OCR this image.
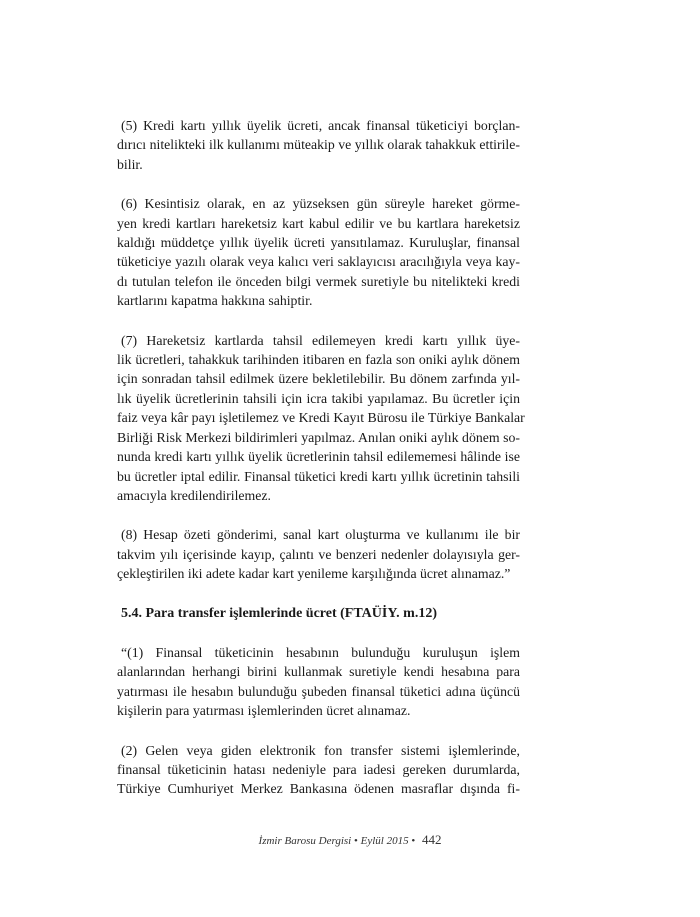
(5) Kredi kartı yıllık üyelik ücreti, ancak finansal tüketiciyi borçlan-
dırıcı nitelikteki ilk kullanımı müteakip ve yıllık olarak tahakkuk ettirile-
bilir.
(6) Kesintisiz olarak, en az yüzseksen gün süreyle hareket görme-
yen kredi kartları hareketsiz kart kabul edilir ve bu kartlara hareketsiz
kaldığı müddetçe yıllık üyelik ücreti yansıtılamaz. Kuruluşlar, finansal
tüketiciye yazılı olarak veya kalıcı veri saklayıcısı aracılığıyla veya kay-
dı tutulan telefon ile önceden bilgi vermek suretiyle bu nitelikteki kredi
kartlarını kapatma hakkına sahiptir.
(7) Hareketsiz kartlarda tahsil edilemeyen kredi kartı yıllık üye-
lik ücretleri, tahakkuk tarihinden itibaren en fazla son oniki aylık dönem
için sonradan tahsil edilmek üzere bekletilebilir. Bu dönem zarfında yıl-
lık üyelik ücretlerinin tahsili için icra takibi yapılamaz. Bu ücretler için
faiz veya kâr payı işletilemez ve Kredi Kayıt Bürosu ile Türkiye Bankalar
Birliği Risk Merkezi bildirimleri yapılmaz. Anılan oniki aylık dönem so-
nunda kredi kartı yıllık üyelik ücretlerinin tahsil edilememesi hâlinde ise
bu ücretler iptal edilir. Finansal tüketici kredi kartı yıllık ücretinin tahsili
amacıyla kredilendirilemez.
(8) Hesap özeti gönderimi, sanal kart oluşturma ve kullanımı ile bir
takvim yılı içerisinde kayıp, çalıntı ve benzeri nedenler dolayısıyla ger-
çekleştirilen iki adete kadar kart yenileme karşılığında ücret alınamaz.”
5.4. Para transfer işlemlerinde ücret (FTAÜİY. m.12)
“(1) Finansal tüketicinin hesabının bulunduğu kuruluşun işlem
alanlarından herhangi birini kullanmak suretiyle kendi hesabına para
yatırması ile hesabın bulunduğu şubeden finansal tüketici adına üçüncü
kişilerin para yatırması işlemlerinden ücret alınamaz.
(2) Gelen veya giden elektronik fon transfer sistemi işlemlerinde,
finansal tüketicinin hatası nedeniyle para iadesi gereken durumlarda,
Türkiye Cumhuriyet Merkez Bankasına ödenen masraflar dışında fi-
İzmir Barosu Dergisi • Eylül 2015 • 442
